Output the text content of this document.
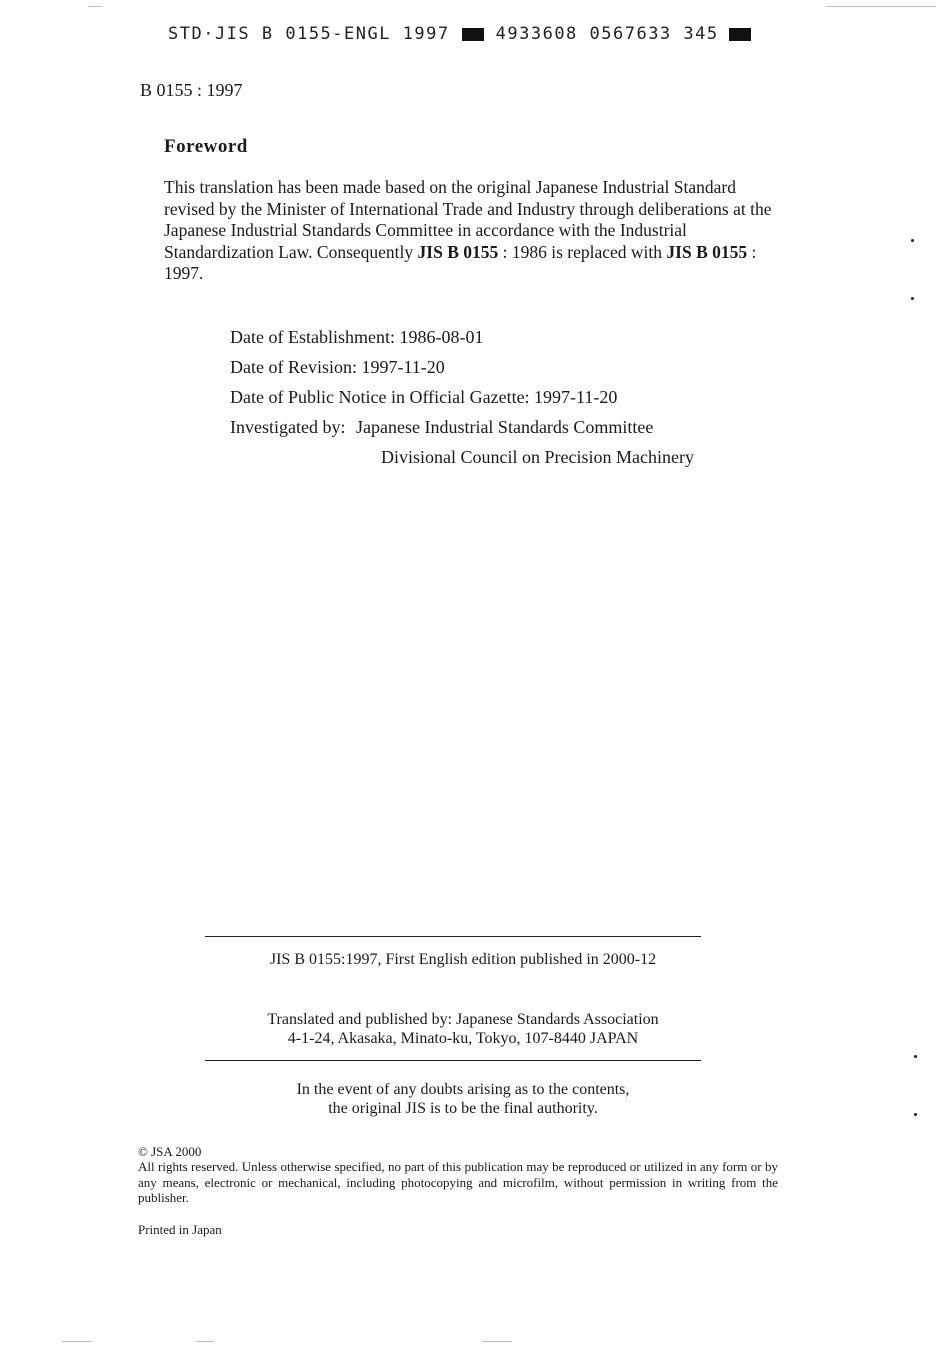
STD·JIS B 0155-ENGL 1997	4933608 0567633 345
B 0155 : 1997
Foreword
This translation has been made based on the original Japanese Industrial Standard revised by the Minister of International Trade and Industry through deliberations at the Japanese Industrial Standards Committee in accordance with the Industrial Standardization Law. Consequently JIS B 0155 : 1986 is replaced with JIS B 0155 : 1997.
Date of Establishment: 1986-08-01
Date of Revision: 1997-11-20
Date of Public Notice in Official Gazette: 1997-11-20
Investigated by: Japanese Industrial Standards Committee
Divisional Council on Precision Machinery
JIS B 0155:1997, First English edition published in 2000-12
Translated and published by: Japanese Standards Association
4-1-24, Akasaka, Minato-ku, Tokyo, 107-8440 JAPAN
In the event of any doubts arising as to the contents,
the original JIS is to be the final authority.
© JSA 2000
All rights reserved. Unless otherwise specified, no part of this publication may be reproduced or utilized in any form or by any means, electronic or mechanical, including photocopying and microfilm, without permission in writing from the publisher.
Printed in Japan
